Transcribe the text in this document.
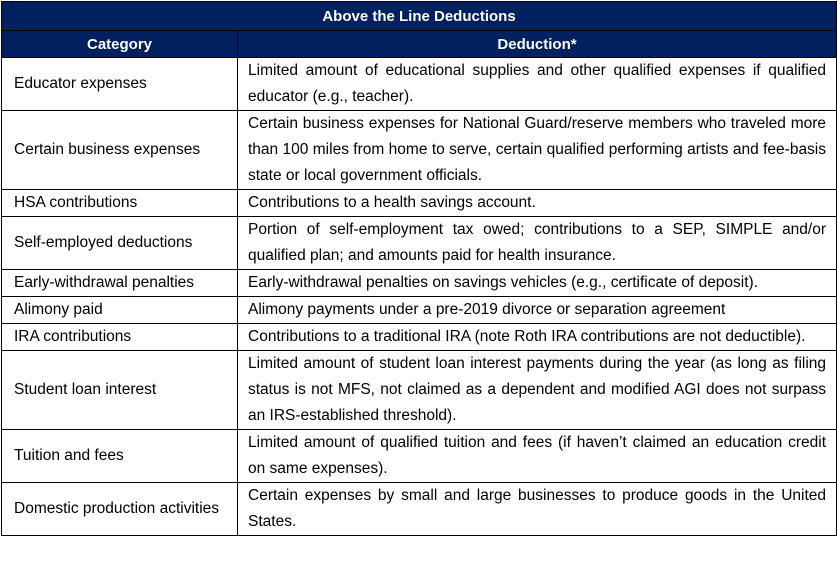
Above the Line Deductions	
Category	Deduction*
Educator expenses	Limited amount of educational supplies and other qualified expenses if qualified educator (e.g., teacher).
Certain business expenses	Certain business expenses for National Guard/reserve members who traveled more than 100 miles from home to serve, certain qualified performing artists and fee-basis state or local government officials.
HSA contributions	Contributions to a health savings account.
Self-employed deductions	Portion of self-employment tax owed; contributions to a SEP, SIMPLE and/or qualified plan; and amounts paid for health insurance.
Early-withdrawal penalties	Early-withdrawal penalties on savings vehicles (e.g., certificate of deposit).
Alimony paid	Alimony payments under a pre-2019 divorce or separation agreement
IRA contributions	Contributions to a traditional IRA (note Roth IRA contributions are not deductible).
Student loan interest	Limited amount of student loan interest payments during the year (as long as filing status is not MFS, not claimed as a dependent and modified AGI does not surpass an IRS-established threshold).
Tuition and fees	Limited amount of qualified tuition and fees (if haven’t claimed an education credit on same expenses).
Domestic production activities	Certain expenses by small and large businesses to produce goods in the United States.
